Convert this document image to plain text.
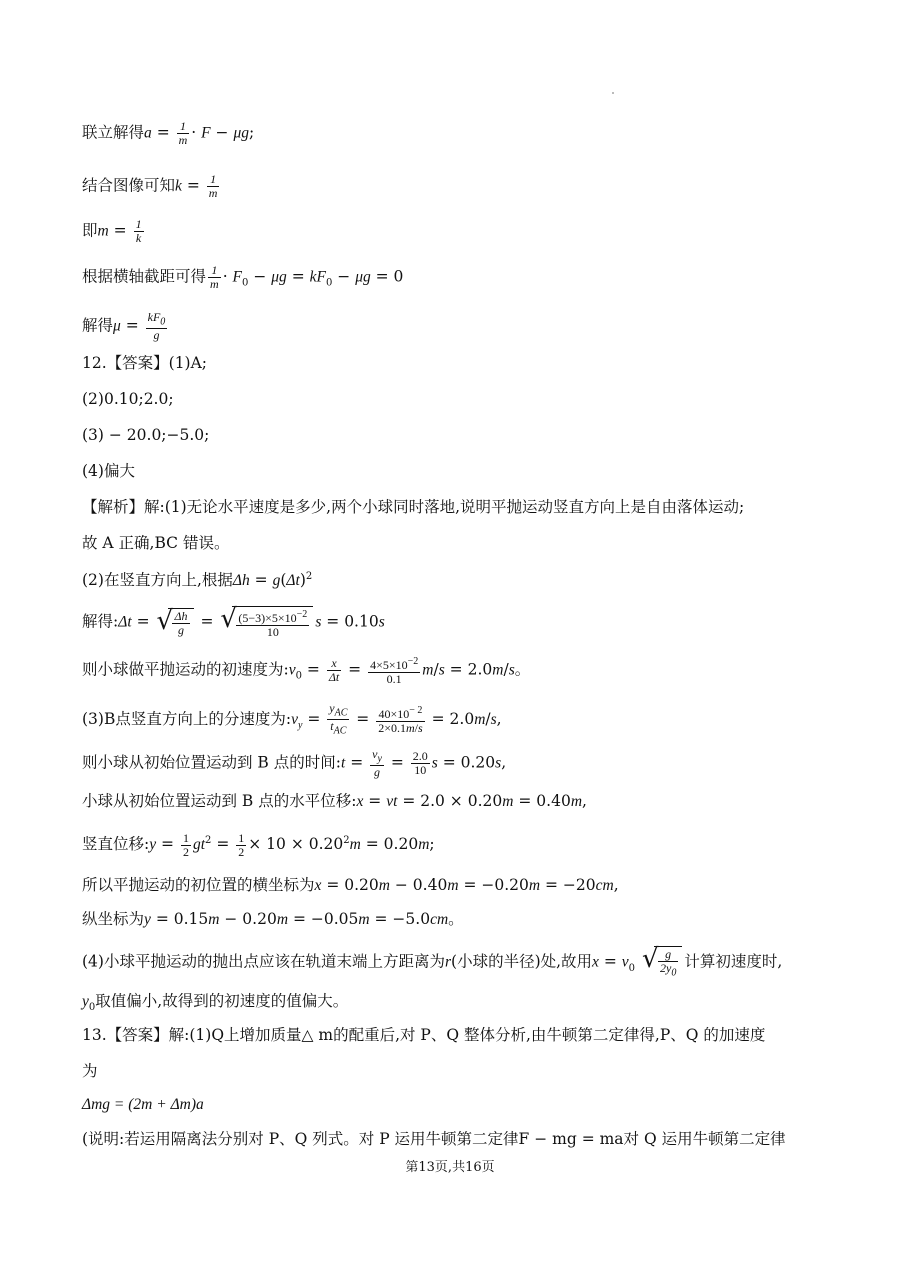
联立解得$a = \frac{1}{m} \cdot F - \mu g$;
结合图像可知$k = \frac{1}{m}$
即$m = \frac{1}{k}$
根据横轴截距可得 $\frac{1}{m} \cdot F_0 - \mu g = kF_0 - \mu g = 0$
解得$\mu = \frac{kF_0}{g}$
12.【答案】(1)A;
(2)0.10;2.0;
(3) − 20.0;−5.0;
(4)偏大
【解析】解:(1)无论水平速度是多少,两个小球同时落地,说明平抛运动竖直方向上是自由落体运动;
故 A 正确,BC 错误。
(2)在竖直方向上,根据$\Delta h = g(\Delta t)^2$
解得:Δt = √ $\frac{\Delta h}{g}$ = √ $\frac{(5-3)\times 5\times 10^{-2}}{10}$ s = 0.10s
则小球做平抛运动的初速度为$:v_0 = \frac{x}{\Delta t} = \frac{4\times 5\times 10^{-2}}{0.1} m/s = 2.0m/s$。
(3)B点竖直方向上的分速度为$:v_y = \frac{y_{AC}}{t_{AC}} = \frac{40\times 10^{- 2}}{2\times 0.1m/s} = 2.0m/s$,
则小球从初始位置运动到 B 点的时间:t = $\frac{v_y}{g} = \frac{2.0}{10}$ s = 0.20s,
小球从初始位置运动到 B 点的水平位移:x = vt = 2.0 × 0.20m = 0.40m,
竖直位移:y = $\frac{1}{2} gt^2 = \frac{1}{2} \times 10 \times 0.20^2m = 0.20m$;
所以平抛运动的初位置的横坐标为x = 0.20m − 0.40m = −0.20m = −20cm,
纵坐标为y = 0.15m − 0.20m = −0.05m = −5.0cm。
(4)小球平抛运动的抛出点应该在轨道末端上方距离为r(小球的半径)处,故用$x = v_0$ √ $\frac{g}{2y_0}$ 计算初速度时,
$y_0$取值偏小,故得到的初速度的值偏大。
13.【答案】解:(1)Q上增加质量△ m的配重后,对 P、Q 整体分析,由牛顿第二定律得,P、Q 的加速度
为
Δmg = (2m + Δm)a
(说明:若运用隔离法分别对 P、Q 列式。对 P 运用牛顿第二定律F − mg = ma对 Q 运用牛顿第二定律
第13页,共16页
